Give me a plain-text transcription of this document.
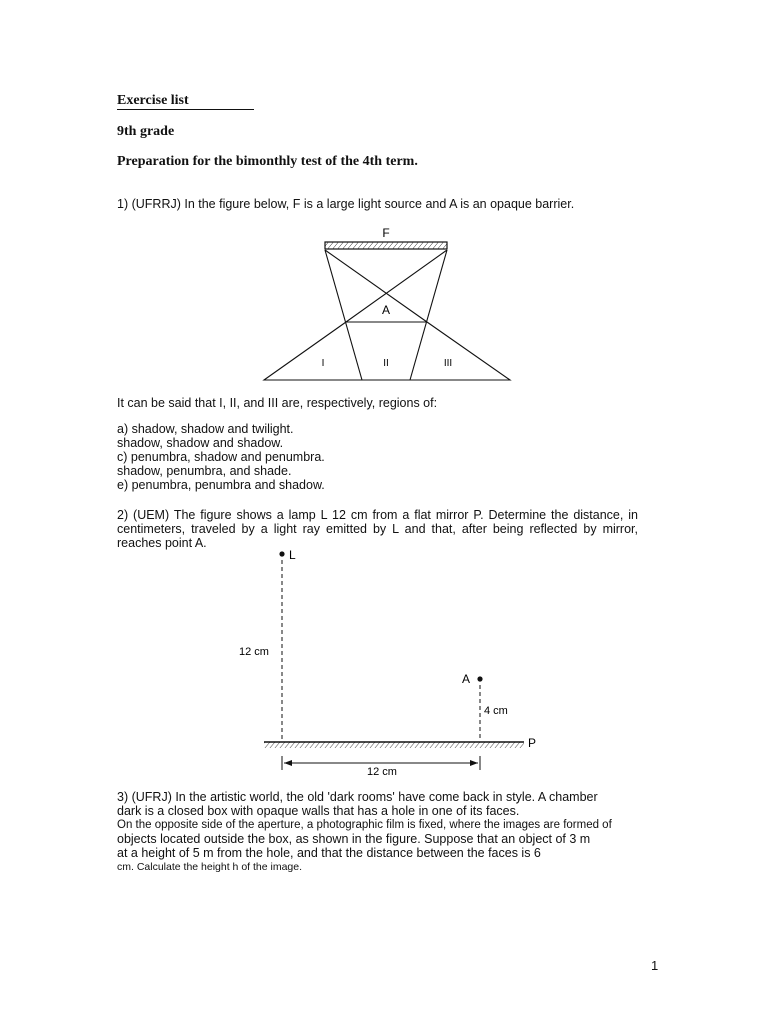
Exercise list
9th grade
Preparation for the bimonthly test of the 4th term.
1) (UFRRJ) In the figure below, F is a large light source and A is an opaque barrier.
F
A
I	II	III
It can be said that I, II, and III are, respectively, regions of:
a) shadow, shadow and twilight.
shadow, shadow and shadow.
c) penumbra, shadow and penumbra.
shadow, penumbra, and shade.
e) penumbra, penumbra and shadow.
2) (UEM) The figure shows a lamp L 12 cm from a flat mirror P. Determine the distance, in centimeters, traveled by a light ray emitted by L and that, after being reflected by mirror, reaches point A.
L
12 cm
A
4 cm
P
12 cm
3) (UFRJ) In the artistic world, the old 'dark rooms' have come back in style. A chamber
dark is a closed box with opaque walls that has a hole in one of its faces.
On the opposite side of the aperture, a photographic film is fixed, where the images are formed of
objects located outside the box, as shown in the figure. Suppose that an object of 3 m
at a height of 5 m from the hole, and that the distance between the faces is 6
cm. Calculate the height h of the image.
1
